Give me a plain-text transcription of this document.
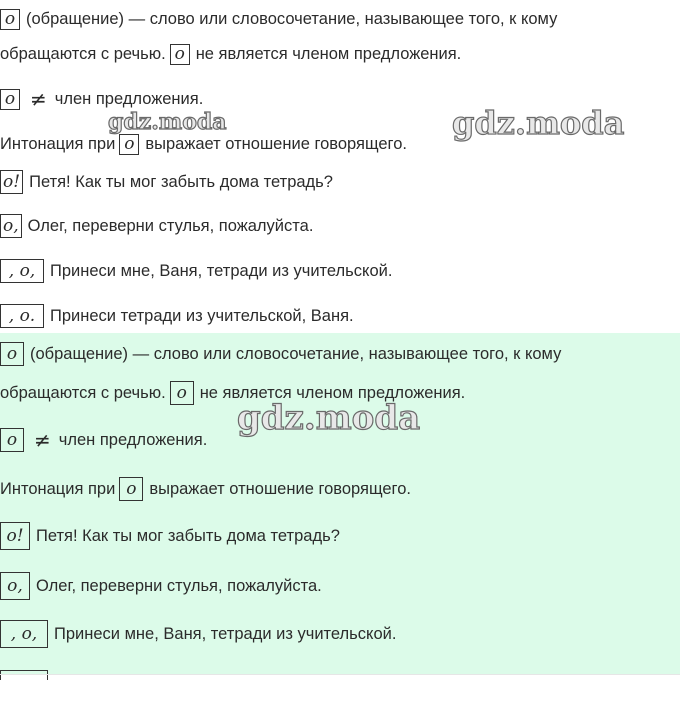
gdz.moda	gdz.moda
о (обращение) — слово или словосочетание, называющее того, к кому
обращаются с речью. о не является членом предложения.
о ≠ член предложения.
Интонация при о выражает отношение говорящего.
о! Петя! Как ты мог забыть дома тетрадь?
о, Олег, переверни стулья, пожалуйста.
, о, Принеси мне, Ваня, тетради из учительской.
, о. Принеси тетради из учительской, Ваня.
gdz.moda
о (обращение) — слово или словосочетание, называющее того, к кому
обращаются с речью. о не является членом предложения.
о ≠ член предложения.
Интонация при о выражает отношение говорящего.
о! Петя! Как ты мог забыть дома тетрадь?
о, Олег, переверни стулья, пожалуйста.
, о,	Принеси мне, Ваня, тетради из учительской.
